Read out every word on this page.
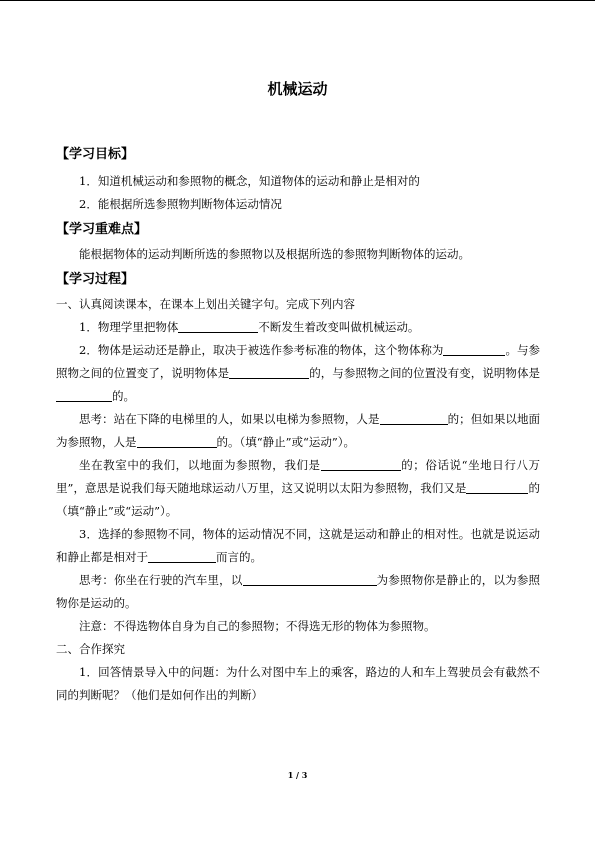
机械运动
【学习目标】
1．知道机械运动和参照物的概念，知道物体的运动和静止是相对的
2．能根据所选参照物判断物体运动情况
【学习重难点】
能根据物体的运动判断所选的参照物以及根据所选的参照物判断物体的运动。
【学习过程】
一、认真阅读课本，在课本上划出关键字句。完成下列内容
1．物理学里把物体	不断发生着改变叫做机械运动。
2．物体是运动还是静止，取决于被选作参考标准的物体，这个物体称为	。与参照物之间的位置变了，说明物体是	的，与参照物之间的位置没有变，说明物体是的。
思考：站在下降的电梯里的人，如果以电梯为参照物，人是	的；但如果以地面为参照物，人是	的。（填“静止”或“运动”）。
坐在教室中的我们，以地面为参照物，我们是	的；俗话说“坐地日行八万里”，意思是说我们每天随地球运动八万里，这又说明以太阳为参照物，我们又是	的（填“静止”或“运动”）。
3．选择的参照物不同，物体的运动情况不同，这就是运动和静止的相对性。也就是说运动和静止都是相对于	而言的。
思考：你坐在行驶的汽车里，以	为参照物你是静止的，以为参照物你是运动的。
注意：不得选物体自身为自己的参照物；不得选无形的物体为参照物。
二、合作探究
1．回答情景导入中的问题：为什么对图中车上的乘客，路边的人和车上驾驶员会有截然不同的判断呢？（他们是如何作出的判断）
1 / 3
